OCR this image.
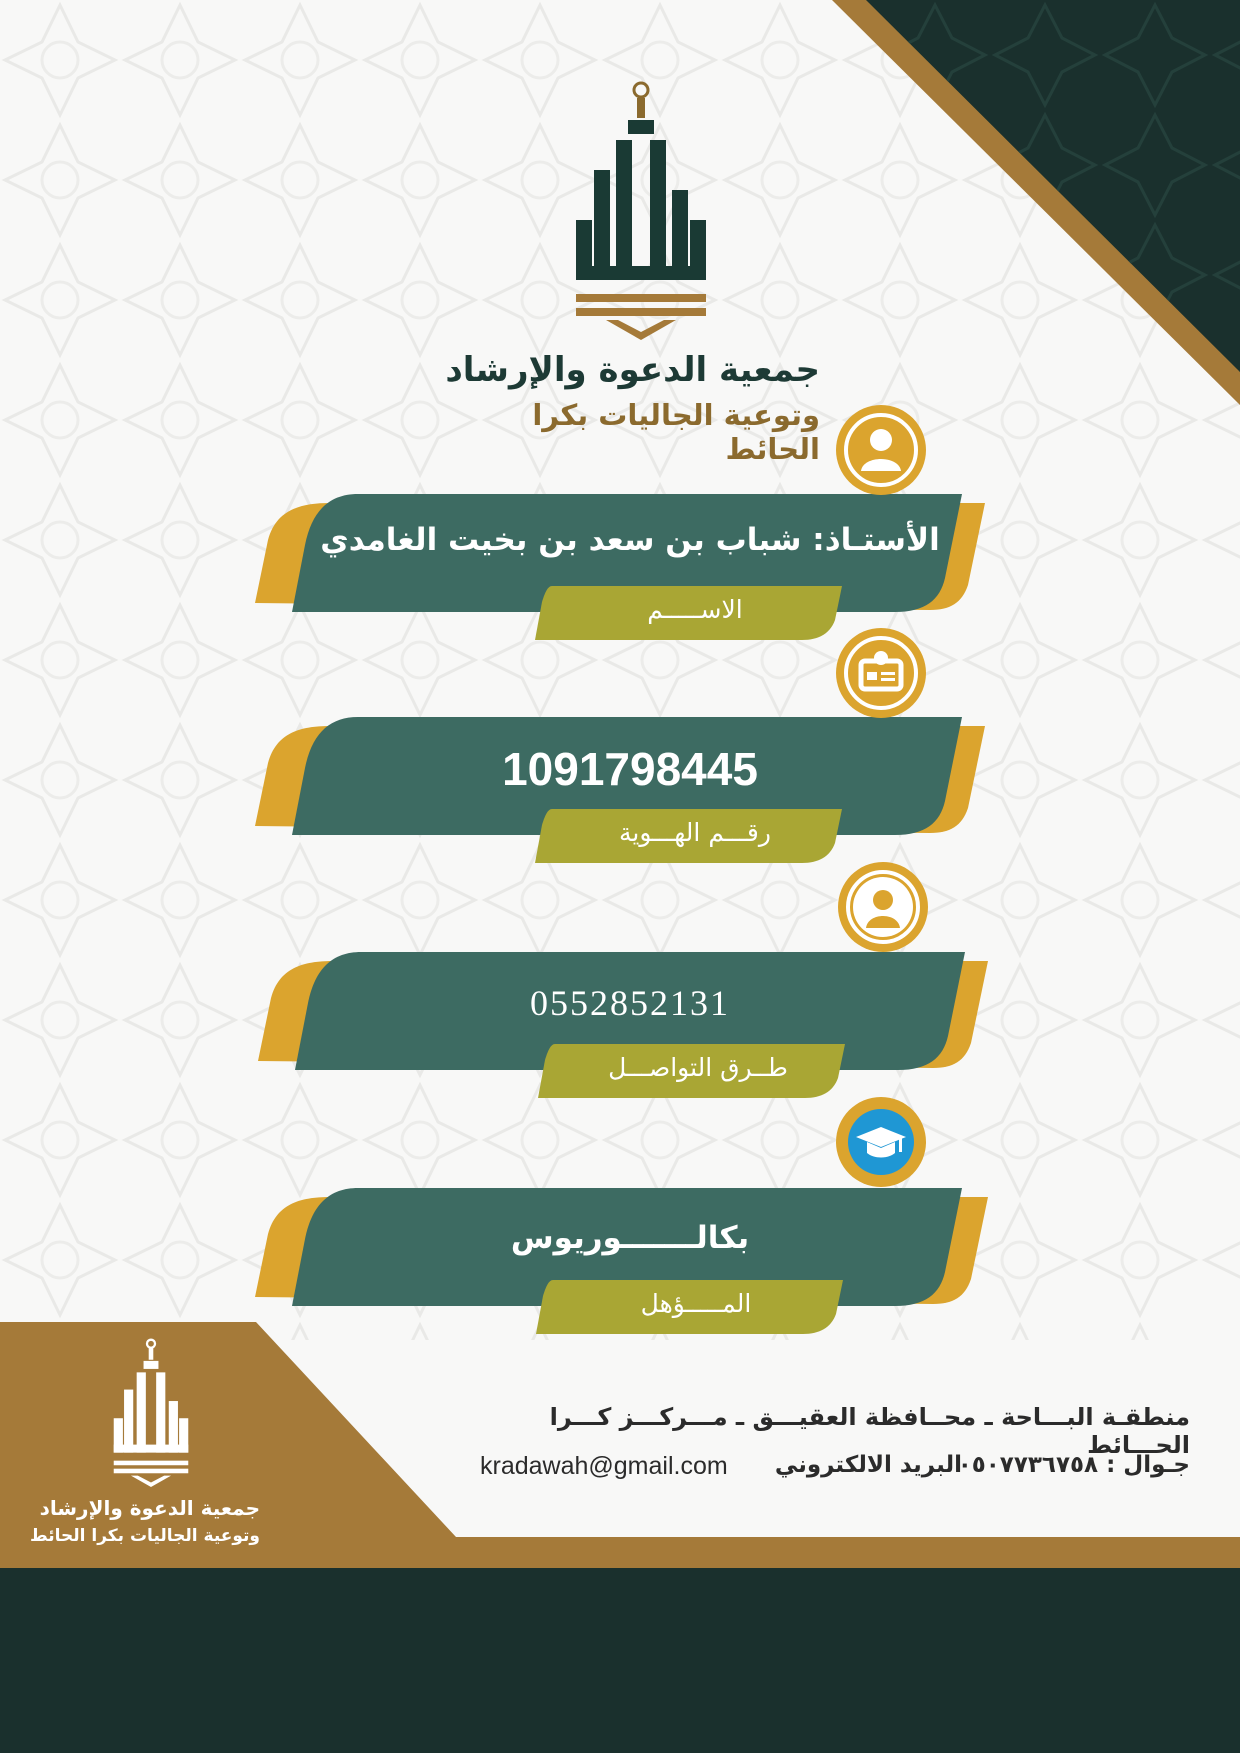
جمعية الدعوة والإرشاد
وتوعية الجاليات بكرا الحائط
الأستـاذ: شباب بن سعد بن بخيت الغامدي
الاســـــم
1091798445
رقـــم الهـــوية
0552852131
طــرق التواصـــل
بكالـــــــوريوس
المـــــؤهل
جمعية الدعوة والإرشاد
وتوعية الجاليات بكرا الحائط
منطقـة البـــاحة ـ محــافظة العقيـــق ـ مـــركـــز كـــرا الحـــائط
جـوال : ٠٥٠٧٧٣٦٧٥٨
البريد الالكتروني
kradawah@gmail.com
